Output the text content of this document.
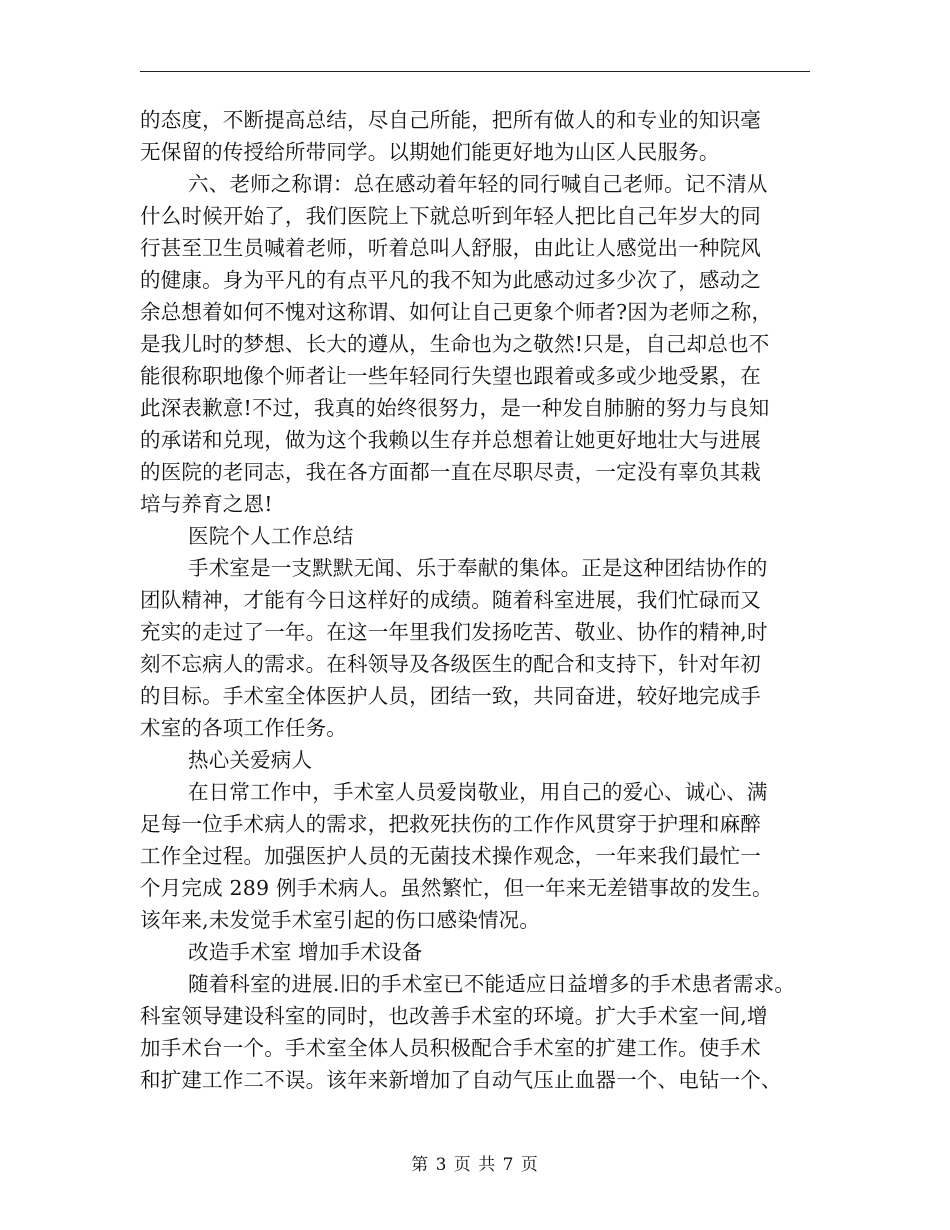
的态度，不断提高总结，尽自己所能，把所有做人的和专业的知识毫
无保留的传授给所带同学。以期她们能更好地为山区人民服务。
六、老师之称谓：总在感动着年轻的同行喊自己老师。记不清从
什么时候开始了，我们医院上下就总听到年轻人把比自己年岁大的同
行甚至卫生员喊着老师，听着总叫人舒服，由此让人感觉出一种院风
的健康。身为平凡的有点平凡的我不知为此感动过多少次了，感动之
余总想着如何不愧对这称谓、如何让自己更象个师者?因为老师之称，
是我儿时的梦想、长大的遵从，生命也为之敬然!只是，自己却总也不
能很称职地像个师者让一些年轻同行失望也跟着或多或少地受累，在
此深表歉意!不过，我真的始终很努力，是一种发自肺腑的努力与良知
的承诺和兑现，做为这个我赖以生存并总想着让她更好地壮大与进展
的医院的老同志，我在各方面都一直在尽职尽责，一定没有辜负其栽
培与养育之恩!
医院个人工作总结
手术室是一支默默无闻、乐于奉献的集体。正是这种团结协作的
团队精神，才能有今日这样好的成绩。随着科室进展，我们忙碌而又
充实的走过了一年。在这一年里我们发扬吃苦、敬业、协作的精神,时
刻不忘病人的需求。在科领导及各级医生的配合和支持下，针对年初
的目标。手术室全体医护人员，团结一致，共同奋进，较好地完成手
术室的各项工作任务。
热心关爱病人
在日常工作中，手术室人员爱岗敬业，用自己的爱心、诚心、满
足每一位手术病人的需求，把救死扶伤的工作作风贯穿于护理和麻醉
工作全过程。加强医护人员的无菌技术操作观念，一年来我们最忙一
个月完成 289 例手术病人。虽然繁忙，但一年来无差错事故的发生。
该年来,未发觉手术室引起的伤口感染情况。
改造手术室 增加手术设备
随着科室的进展.旧的手术室已不能适应日益增多的手术患者需求。
科室领导建设科室的同时，也改善手术室的环境。扩大手术室一间,增
加手术台一个。手术室全体人员积极配合手术室的扩建工作。使手术
和扩建工作二不误。该年来新增加了自动气压止血器一个、电钻一个、
第 3 页 共 7 页
